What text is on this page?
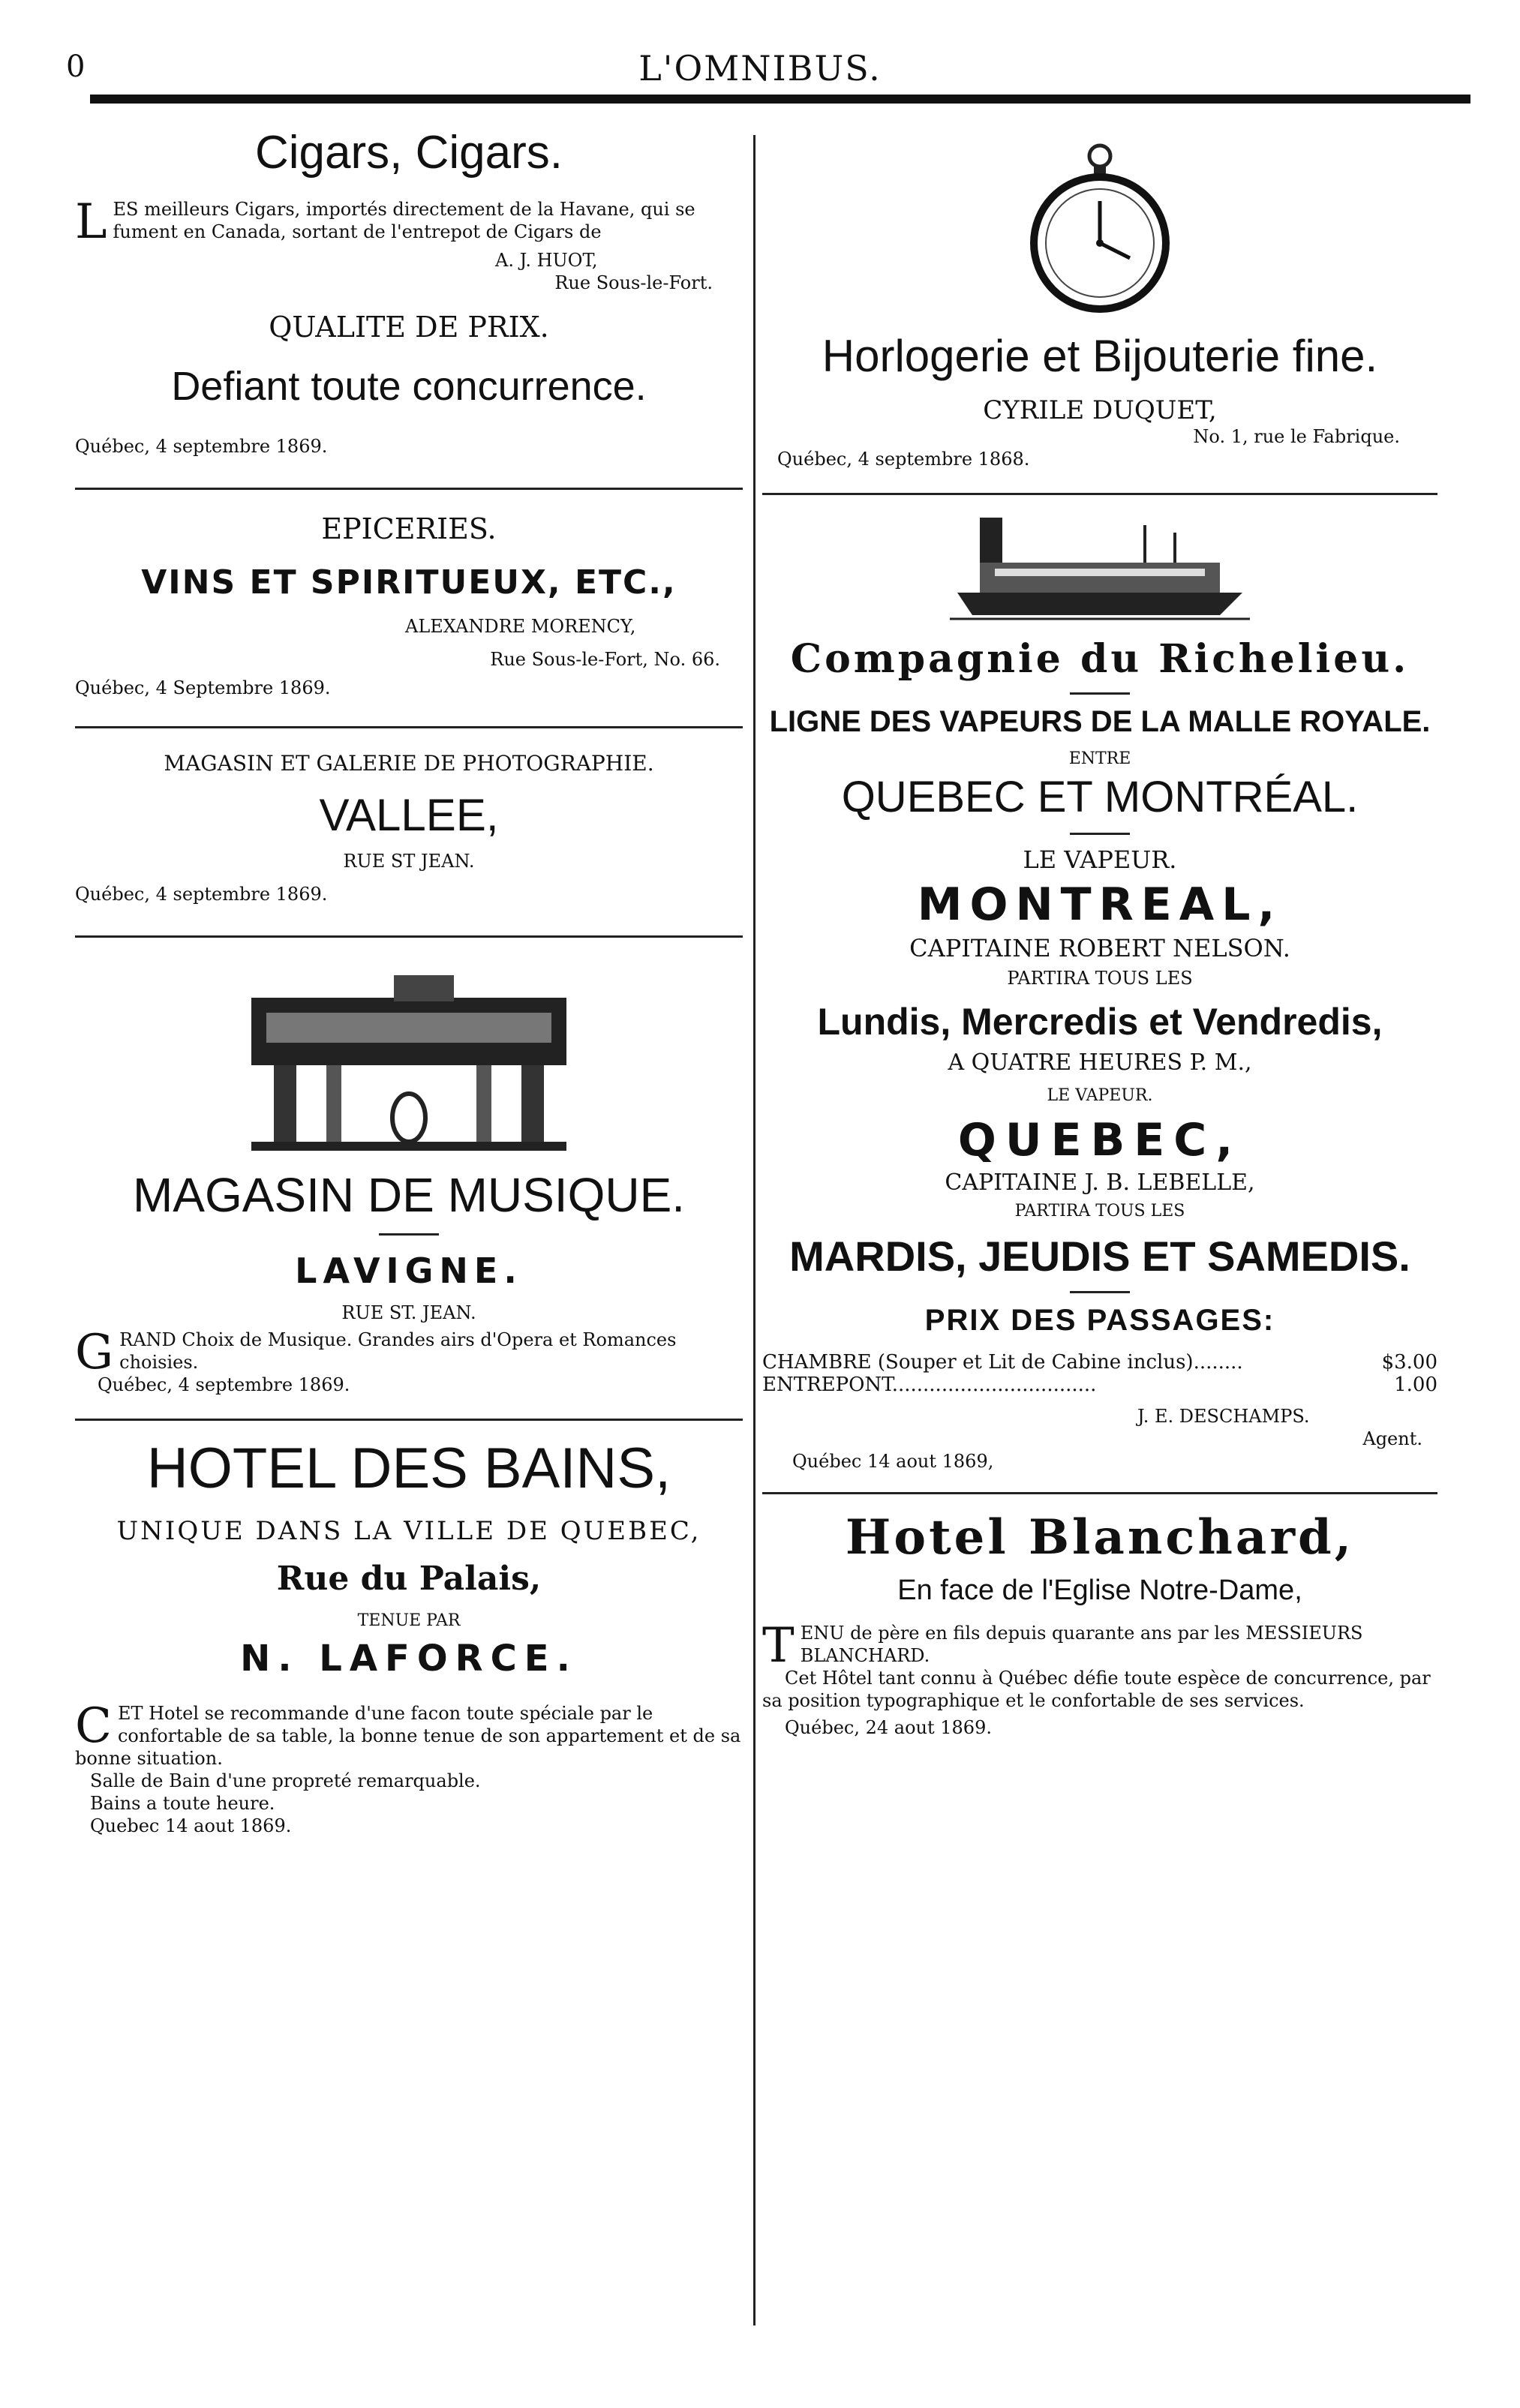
0	L'OMNIBUS.
Cigars, Cigars.
L ES meilleurs Cigars, importés directement de la Havane, qui se fument en Canada, sortant de l'entrepot de Cigars de
A. J. HUOT,
Rue Sous-le-Fort.
QUALITE DE PRIX.
Defiant toute concurrence.
Québec, 4 septembre 1869.
EPICERIES.
VINS ET SPIRITUEUX, ETC.,
ALEXANDRE MORENCY,
Rue Sous-le-Fort, No. 66.
Québec, 4 Septembre 1869.
MAGASIN ET GALERIE DE PHOTOGRAPHIE.
VALLEE,
RUE ST JEAN.
Québec, 4 septembre 1869.
MAGASIN DE MUSIQUE.
LAVIGNE.
RUE ST. JEAN.
G RAND Choix de Musique. Grandes airs d'Opera et Romances choisies.
Québec, 4 septembre 1869.
HOTEL DES BAINS,
UNIQUE DANS LA VILLE DE QUEBEC,
Rue du Palais,
TENUE PAR
N. LAFORCE.
C ET Hotel se recommande d'une facon toute spéciale par le confortable de sa table, la bonne tenue de son appartement et de sa bonne situation.
Salle de Bain d'une propreté remarquable.
Bains a toute heure.
Quebec 14 aout 1869.
Horlogerie et Bijouterie fine.
CYRILE DUQUET,
No. 1, rue le Fabrique.
Québec, 4 septembre 1868.
Compagnie du Richelieu.
LIGNE DES VAPEURS DE LA MALLE ROYALE.
ENTRE
QUEBEC ET MONTRÉAL.
LE VAPEUR.
MONTREAL,
CAPITAINE ROBERT NELSON.
PARTIRA TOUS LES
Lundis, Mercredis et Vendredis,
A QUATRE HEURES P. M.,
LE VAPEUR.
QUEBEC,
CAPITAINE J. B. LEBELLE,
PARTIRA TOUS LES
MARDIS, JEUDIS ET SAMEDIS.
PRIX DES PASSAGES:
CHAMBRE (Souper et Lit de Cabine inclus)........	$3.00
ENTREPONT.................................	1.00
J. E. DESCHAMPS.
Agent.
Québec 14 aout 1869,
Hotel Blanchard,
En face de l'Eglise Notre-Dame,
T ENU de père en fils depuis quarante ans par les MESSIEURS BLANCHARD.
Cet Hôtel tant connu à Québec défie toute espèce de concurrence, par sa position typographique et le confortable de ses services.
Québec, 24 aout 1869.
